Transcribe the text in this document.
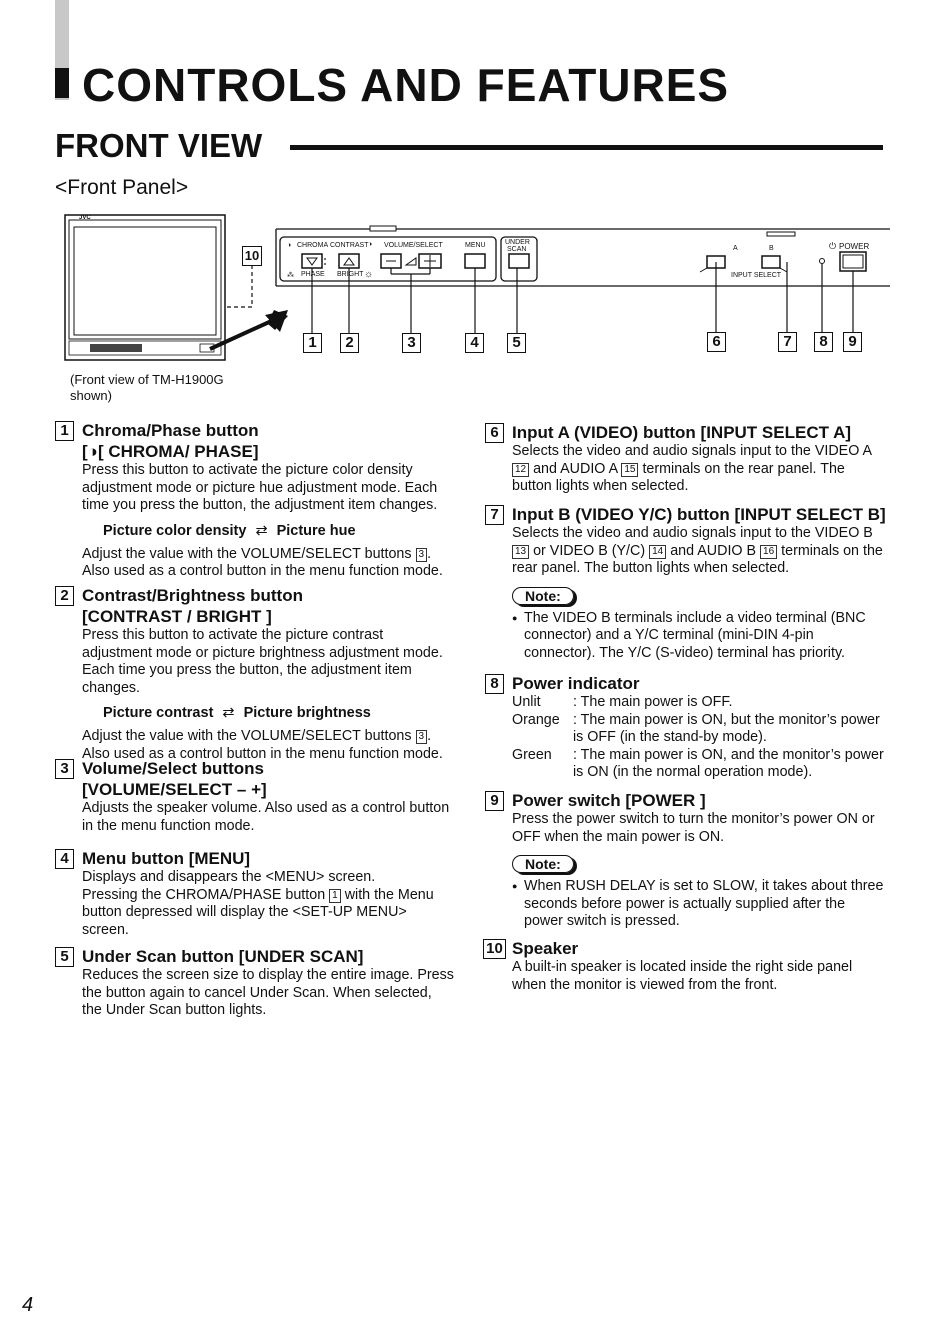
CONTROLS AND FEATURES
FRONT VIEW
<Front Panel>
JVC
◑ CHROMA CONTRAST ◑ VOLUME/SELECT	MENU	UNDER
SCAN
⁂ PHASE BRIGHT ☼
A	B
INPUT SELECT
⏻ POWER
10
1	2	3	4	5	6	7	8	9
(Front view of TM-H1900G shown)
1 Chroma/Phase button
[◑[ CHROMA/ PHASE]
Press this button to activate the picture color density adjustment mode or picture hue adjustment mode. Each time you press the button, the adjustment item changes.
Picture color density ⇄ Picture hue
Adjust the value with the VOLUME/SELECT buttons 3 .
Also used as a control button in the menu function mode.
2 Contrast/Brightness button
[CONTRAST / BRIGHT ]
Press this button to activate the picture contrast adjustment mode or picture brightness adjustment mode. Each time you press the button, the adjustment item changes.
Picture contrast ⇄ Picture brightness
Adjust the value with the VOLUME/SELECT buttons 3 .
Also used as a control button in the menu function mode.
3 Volume/Select buttons
[VOLUME/SELECT – +]
Adjusts the speaker volume. Also used as a control button in the menu function mode.
4 Menu button [MENU]
Displays and disappears the <MENU> screen.
Pressing the CHROMA/PHASE button 1 with the Menu button depressed will display the <SET-UP MENU> screen.
5 Under Scan button [UNDER SCAN]
Reduces the screen size to display the entire image. Press the button again to cancel Under Scan. When selected, the Under Scan button lights.
6 Input A (VIDEO) button [INPUT SELECT A]
Selects the video and audio signals input to the VIDEO A 12 and AUDIO A 15 terminals on the rear panel. The button lights when selected.
7 Input B (VIDEO Y/C) button [INPUT SELECT B]
Selects the video and audio signals input to the VIDEO B 13 or VIDEO B (Y/C) 14 and AUDIO B 16 terminals on the rear panel. The button lights when selected.
Note:
● The VIDEO B terminals include a video terminal (BNC connector) and a Y/C terminal (mini-DIN 4-pin connector). The Y/C (S-video) terminal has priority.
8 Power indicator
Unlit	: The main power is OFF.
Orange : The main power is ON, but the monitor’s power is OFF (in the stand-by mode).
Green	: The main power is ON, and the monitor’s power is ON (in the normal operation mode).
9 Power switch [POWER ]
Press the power switch to turn the monitor’s power ON or OFF when the main power is ON.
Note:
● When RUSH DELAY is set to SLOW, it takes about three seconds before power is actually supplied after the power switch is pressed.
10 Speaker
A built-in speaker is located inside the right side panel when the monitor is viewed from the front.
4
